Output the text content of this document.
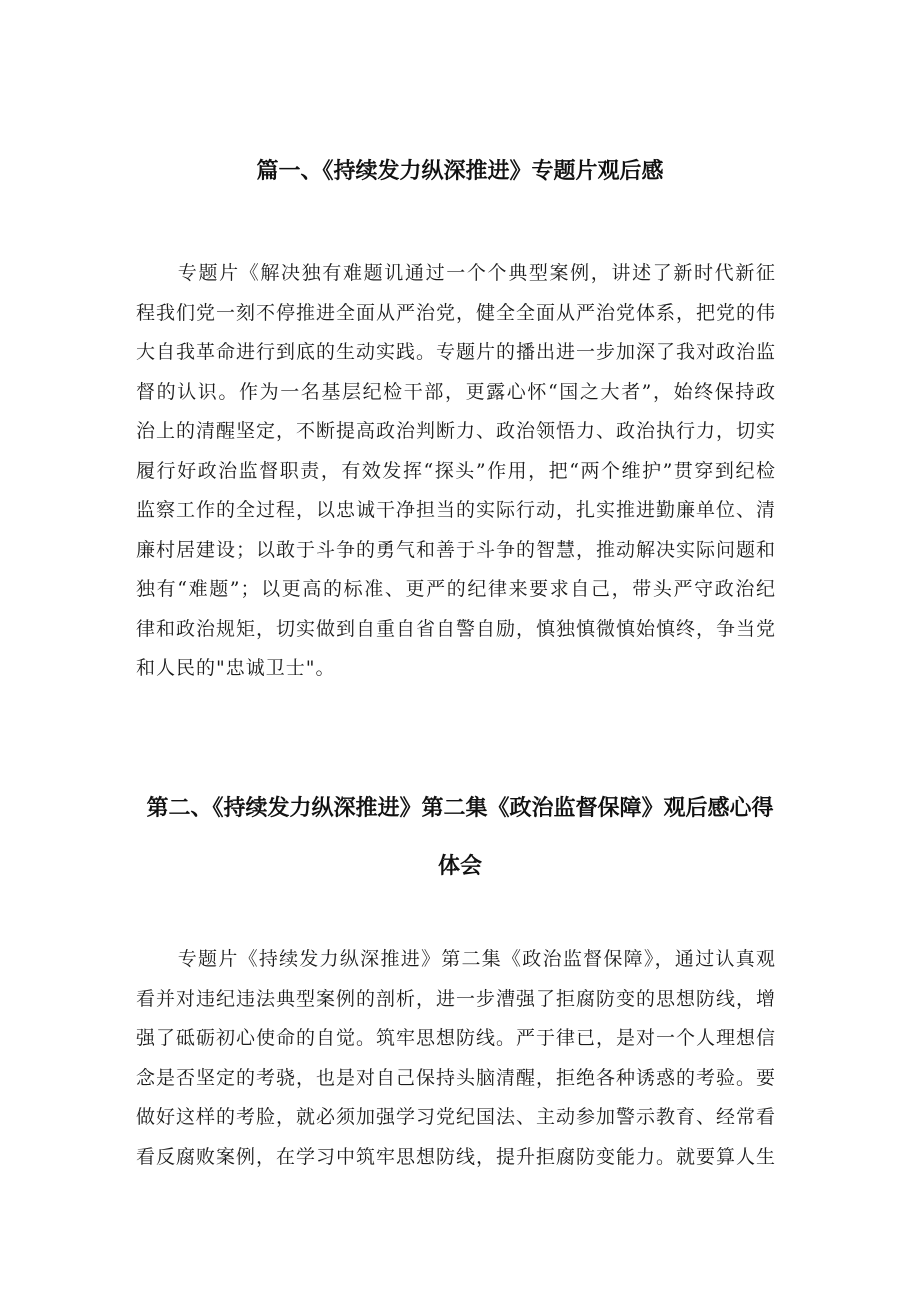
篇一、《持续发力纵深推进》专题片观后感

专题片《解决独有难题讥通过一个个典型案例，讲述了新时代新征程我们党一刻不停推进全面从严治党，健全全面从严治党体系，把党的伟大自我革命进行到底的生动实践。专题片的播出进一步加深了我对政治监督的认识。作为一名基层纪检干部，更露心怀“国之大者”，始终保持政治上的清醒坚定，不断提高政治判断力、政治领悟力、政治执行力，切实履行好政治监督职责，有效发挥“探头”作用，把“两个维护”贯穿到纪检监察工作的全过程，以忠诚干净担当的实际行动，扎实推进勤廉单位、清廉村居建设；以敢于斗争的勇气和善于斗争的智慧，推动解决实际问题和独有“难题”；以更高的标准、更严的纪律来要求自己，带头严守政治纪律和政治规矩，切实做到自重自省自警自励，慎独慎微慎始慎终，争当党和人民的"忠诚卫士"。

第二、《持续发力纵深推进》第二集《政治监督保障》观后感心得体会

专题片《持续发力纵深推进》第二集《政治监督保障》，通过认真观看并对违纪违法典型案例的剖析，进一步漕强了拒腐防变的思想防线，增强了砥砺初心使命的自觉。筑牢思想防线。严于律已，是对一个人理想信念是否坚定的考骁，也是对自己保持头脑清醒，拒绝各种诱惑的考验。要做好这样的考脸，就必须加强学习党纪国法、主动参加警示教育、经常看看反腐败案例，在学习中筑牢思想防线，提升拒腐防变能力。就要算人生
